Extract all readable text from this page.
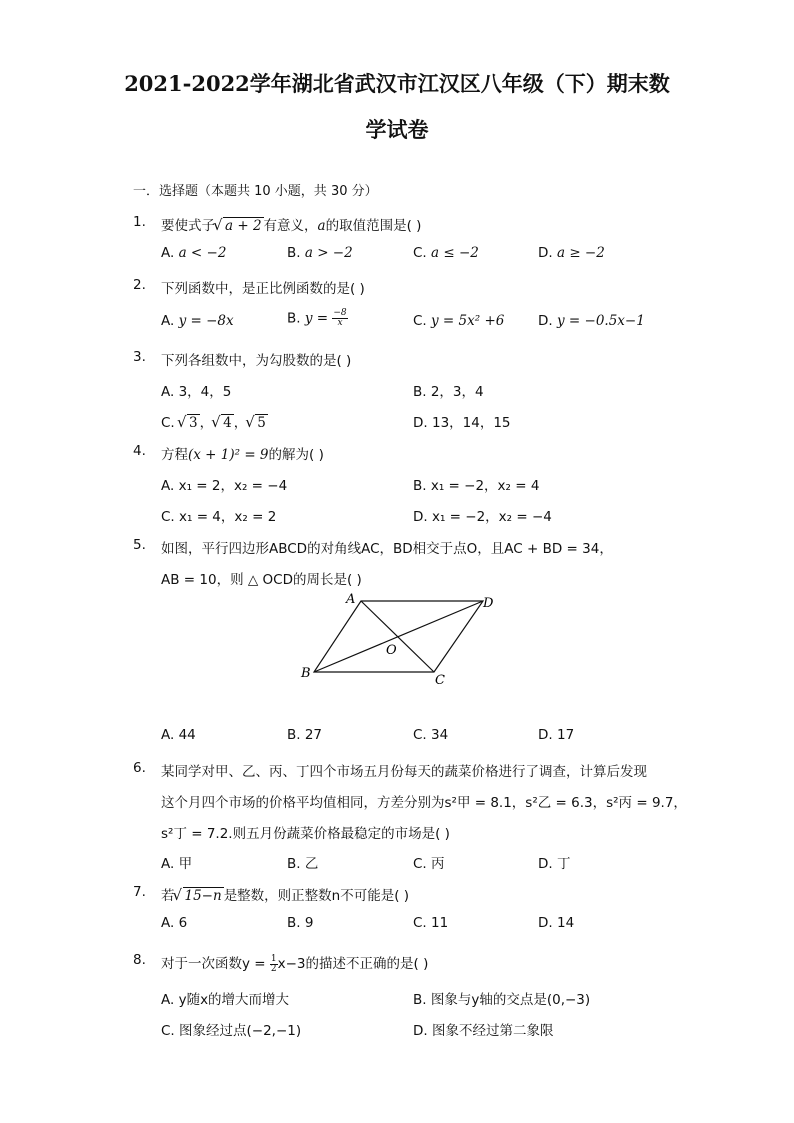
2021-2022学年湖北省武汉市江汉区八年级（下）期末数
学试卷
一．选择题（本题共 10 小题，共 30 分）
1.	要使式子 √ a + 2 有意义，a的取值范围是( )
A. a < −2	B. a > −2	C. a ≤ −2	D. a ≥ −2
2.	下列函数中，是正比例函数的是( )
A. y = −8x	B. $y = \frac{-8}{x}$	C. y = 5x² +6 D. y = −0.5x−1
3.	下列各组数中，为勾股数的是( )
A. 3，4，5	B. 2，3，4
C. √ 3 ， √ 4 ， √ 5	D. 13，14，15
4.	方程(x + 1)² = 9的解为( )
A. x₁ = 2，x₂ = −4	B. x₁ = −2，x₂ = 4
C. x₁ = 4，x₂ = 2	D. x₁ = −2，x₂ = −4
5.	如图，平行四边形ABCD的对角线AC，BD相交于点O，且AC + BD = 34，
AB = 10，则 △ OCD的周长是( )
A	D
O
B	C
A. 44	B. 27	C. 34	D. 17
6.	某同学对甲、乙、丙、丁四个市场五月份每天的蔬菜价格进行了调查，计算后发现
这个月四个市场的价格平均值相同，方差分别为s²甲 = 8.1，s²乙 = 6.3，s²丙 = 9.7，
s²丁 = 7.2.则五月份蔬菜价格最稳定的市场是( )
A. 甲	B. 乙	C. 丙	D. 丁
7.	若 √ 15−n 是整数，则正整数n不可能是( )
A. 6	B. 9	C. 11	D. 14
8.	对于一次函数$y = \frac{1}{2} x-3$的描述不正确的是( )
A. y随x的增大而增大	B. 图象与y轴的交点是(0,−3)
C. 图象经过点(−2,−1)	D. 图象不经过第二象限
